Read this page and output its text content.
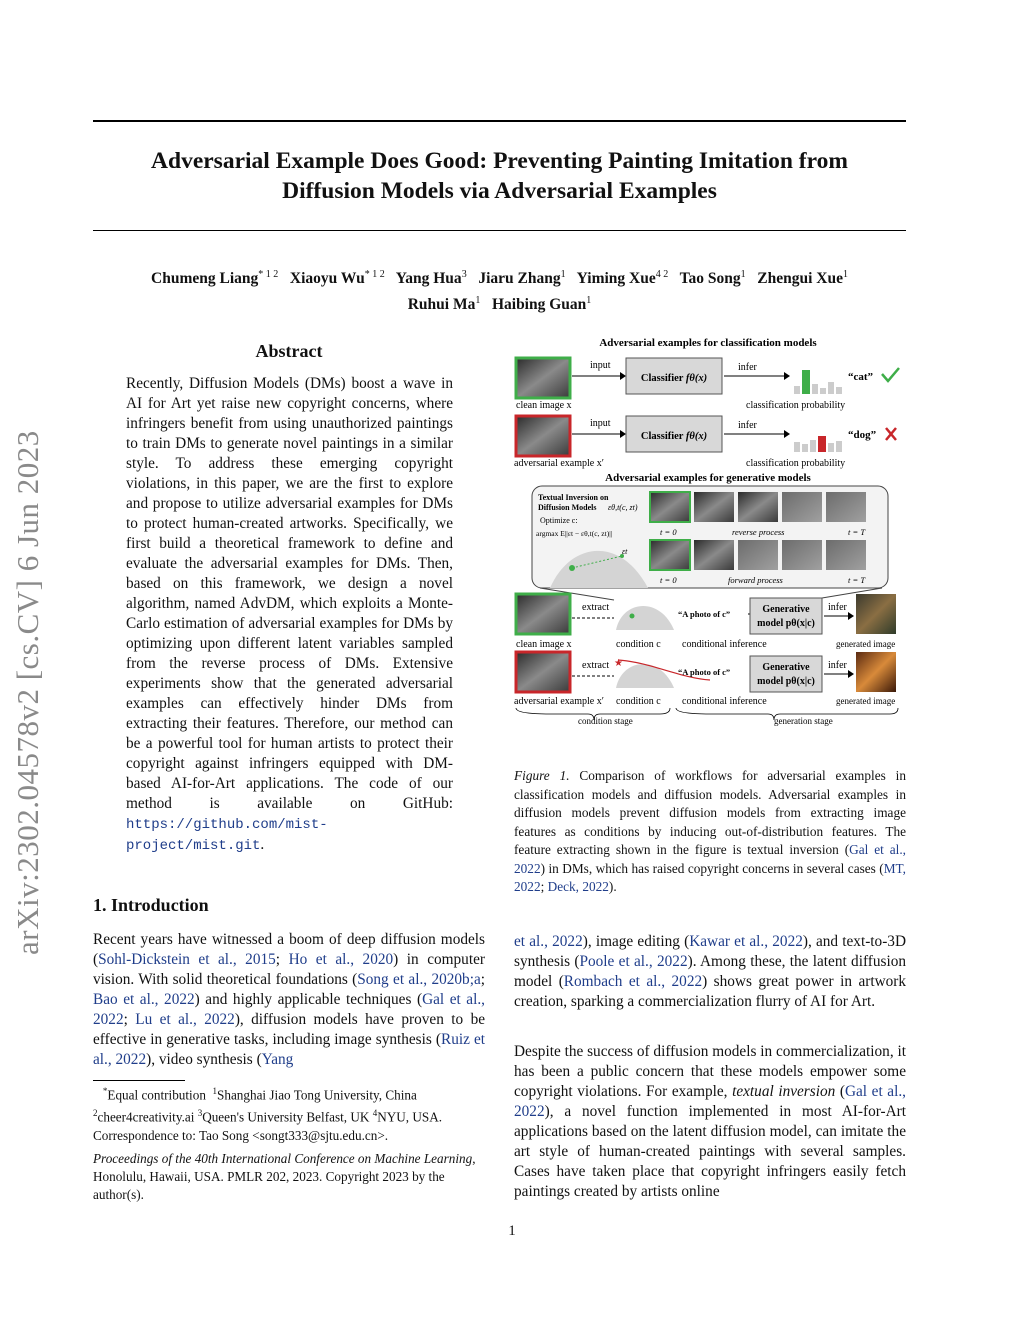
arXiv:2302.04578v2 [cs.CV] 6 Jun 2023
Adversarial Example Does Good: Preventing Painting Imitation from
Diffusion Models via Adversarial Examples
Chumeng Liang$^{* 1 2}$ Xiaoyu $Wu^{* 1 2}$ Yang Hua$^3$ Jiaru Zhang$^1$ Yiming Xue$^{4 2}$ Tao Song$^1$ Zhengui Xue$^1$
Ruhui Ma$^1$ Haibing Guan$^1$
Abstract
Recently, Diffusion Models (DMs) boost a wave in AI for Art yet raise new copyright concerns, where infringers benefit from using unauthorized paintings to train DMs to generate novel paintings in a similar style. To address these emerging copyright violations, in this paper, we are the first to explore and propose to utilize adversarial examples for DMs to protect human-created artworks. Specifically, we first build a theoretical framework to define and evaluate the adversarial examples for DMs. Then, based on this framework, we design a novel algorithm, named AdvDM, which exploits a Monte-Carlo estimation of adversarial examples for DMs by optimizing upon different latent variables sampled from the reverse process of DMs. Extensive experiments show that the generated adversarial examples can effectively hinder DMs from extracting their features. Therefore, our method can be a powerful tool for human artists to protect their copyright against infringers equipped with DM-based AI-for-Art applications. The code of our method is available on GitHub: https://github.com/mist-project/mist.git.
1. Introduction
Recent years have witnessed a boom of deep diffusion models (Sohl-Dickstein et al., 2015; Ho et al., 2020) in computer vision. With solid theoretical foundations (Song et al., 2020b;a; Bao et al., 2022) and highly applicable techniques (Gal et al., 2022; Lu et al., 2022), diffusion models have proven to be effective in generative tasks, including image synthesis (Ruiz et al., 2022), video synthesis (Yang
*Equal contribution $^1$Shanghai Jiao Tong University, China
$^2$cheer4creativity.ai $^3$Queen's University Belfast, UK $^4$NYU, USA.
Correspondence to: Tao Song <songt333@sjtu.edu.cn>.
Proceedings of the 40th International Conference on Machine Learning, Honolulu, Hawaii, USA. PMLR 202, 2023. Copyright 2023 by the author(s).
Adversarial examples for classification models
clean image x
input
Classifier fθ(x)
infer
classification probability
“cat”
adversarial example x′
input
Classifier fθ(x)
infer
classification probability
“dog”
Adversarial examples for generative models
Textual Inversion on
Diffusion Models εθ,t(c, zt)
Optimize c:
argmax E||εt − εθ,t(c, zt)||
εt
t = 0	reverse process	t = T
t = 0	forward process	t = T
clean image x
extract
“A photo of c”	Generative
model pθ(x|c)
infer
condition c conditional inference	generated image
adversarial example x′
extract ★
“A photo of c”	Generative
model pθ(x|c)
infer
condition c conditional inference	generated image
condition stage	generation stage
Figure 1. Comparison of workflows for adversarial examples in classification models and diffusion models. Adversarial examples in diffusion models prevent diffusion models from extracting image features as conditions by inducing out-of-distribution features. The feature extracting shown in the figure is textual inversion (Gal et al., 2022) in DMs, which has raised copyright concerns in several cases (MT, 2022; Deck, 2022).
et al., 2022), image editing (Kawar et al., 2022), and text-to-3D synthesis (Poole et al., 2022). Among these, the latent diffusion model (Rombach et al., 2022) shows great power in artwork creation, sparking a commercialization flurry of AI for Art.
Despite the success of diffusion models in commercialization, it has been a public concern that these models empower some copyright violations. For example, textual inversion (Gal et al., 2022), a novel function implemented in most AI-for-Art applications based on the latent diffusion model, can imitate the art style of human-created paintings with several samples. Cases have taken place that copyright infringers easily fetch paintings created by artists online
1
